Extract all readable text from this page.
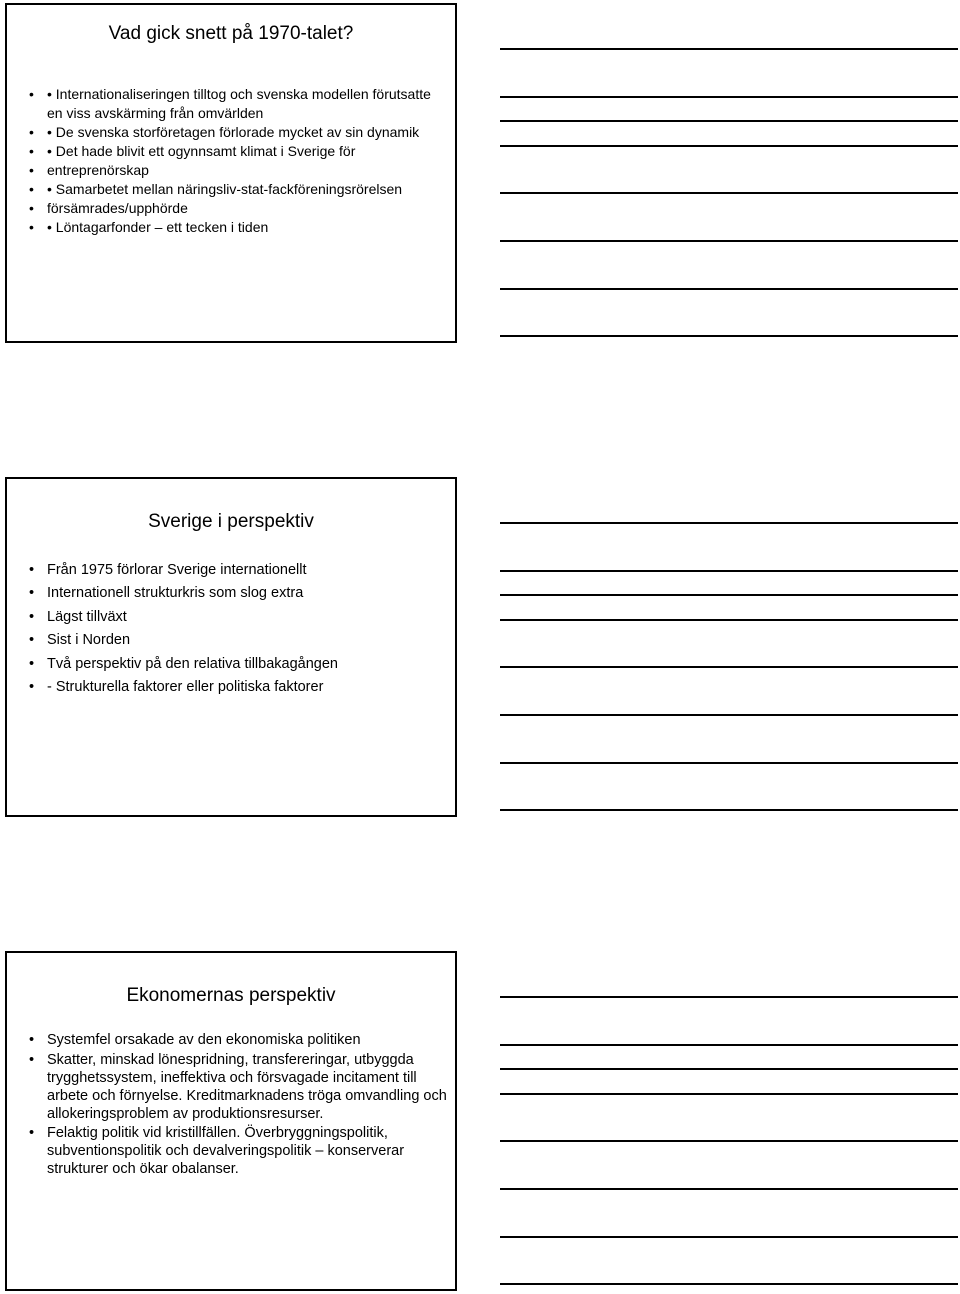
Vad gick snett på 1970-talet?
• • Internationaliseringen tilltog och svenska modellen förutsatte en viss avskärming från omvärlden
• • De svenska storföretagen förlorade mycket av sin dynamik
• • Det hade blivit ett ogynnsamt klimat i Sverige för
• entreprenörskap
• • Samarbetet mellan näringsliv-stat-fackföreningsrörelsen
• försämrades/upphörde
• • Löntagarfonder – ett tecken i tiden
Sverige i perspektiv
• Från 1975 förlorar Sverige internationellt
• Internationell strukturkris som slog extra
• Lägst tillväxt
• Sist i Norden
• Två perspektiv på den relativa tillbakagången
• - Strukturella faktorer eller politiska faktorer
Ekonomernas perspektiv
• Systemfel orsakade av den ekonomiska politiken
• Skatter, minskad lönespridning, transfereringar, utbyggda trygghetssystem, ineffektiva och försvagade incitament till arbete och förnyelse. Kreditmarknadens tröga omvandling och allokeringsproblem av produktionsresurser.
• Felaktig politik vid kristillfällen. Överbryggningspolitik, subventionspolitik och devalveringspolitik – konserverar strukturer och ökar obalanser.
